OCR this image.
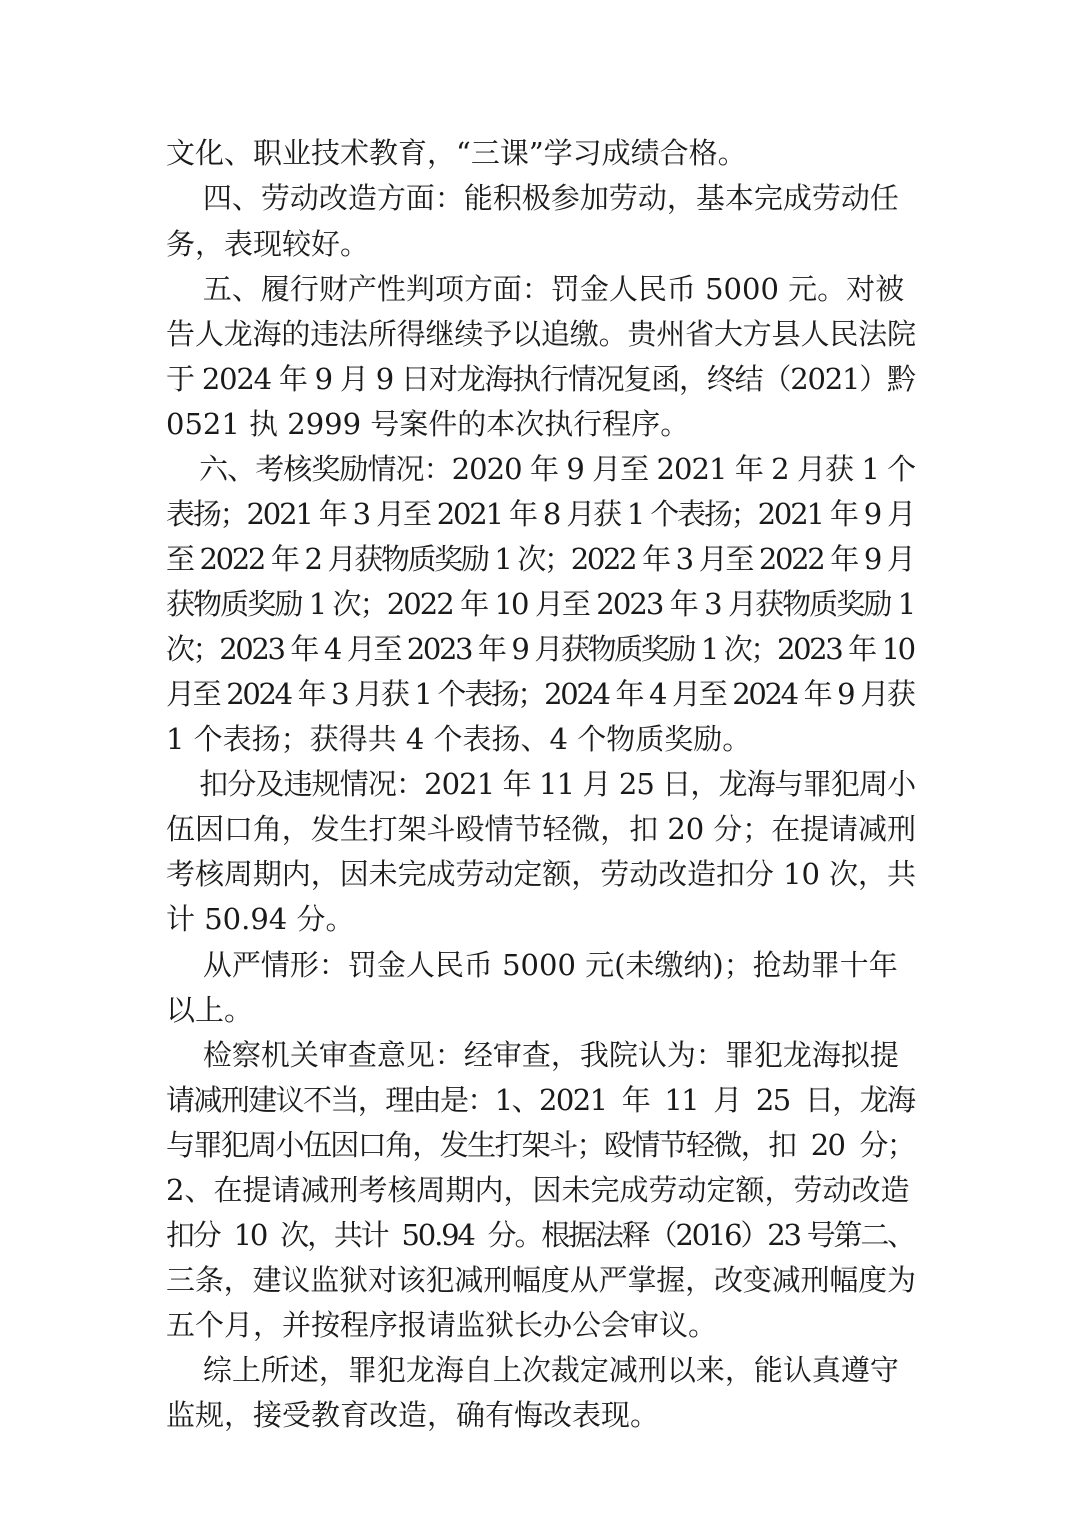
文化、职业技术教育，“三课”学习成绩合格。
四、劳动改造方面：能积极参加劳动，基本完成劳动任
务，表现较好。
五、履行财产性判项方面：罚金人民币 5000 元。对被
告人龙海的违法所得继续予以追缴。贵州省大方县人民法院
于 2024 年 9 月 9 日对龙海执行情况复函，终结（2021）黔
0521 执 2999 号案件的本次执行程序。
六、考核奖励情况：2020 年 9 月至 2021 年 2 月获 1 个
表扬；2021 年 3 月至 2021 年 8 月获 1 个表扬；2021 年 9 月
至 2022 年 2 月获物质奖励 1 次；2022 年 3 月至 2022 年 9 月
获物质奖励 1 次；2022 年 10 月至 2023 年 3 月获物质奖励 1
次；2023 年 4 月至 2023 年 9 月获物质奖励 1 次；2023 年 10
月至 2024 年 3 月获 1 个表扬；2024 年 4 月至 2024 年 9 月获
1 个表扬；获得共 4 个表扬、4 个物质奖励。
扣分及违规情况：2021 年 11 月 25 日，龙海与罪犯周小
伍因口角，发生打架斗殴情节轻微，扣 20 分；在提请减刑
考核周期内，因未完成劳动定额，劳动改造扣分 10 次，共
计 50.94 分。
从严情形：罚金人民币 5000 元(未缴纳)；抢劫罪十年
以上。
检察机关审查意见：经审查，我院认为：罪犯龙海拟提
请减刑建议不当，理由是：1、2021  年  11  月  25  日，龙海
与罪犯周小伍因口角，发生打架斗；殴情节轻微，扣  20  分；
2、在提请减刑考核周期内，因未完成劳动定额，劳动改造
扣分  10  次，共计  50.94  分。根据法释（2016）23 号第二、
三条，建议监狱对该犯减刑幅度从严掌握，改变减刑幅度为
五个月，并按程序报请监狱长办公会审议。
综上所述，罪犯龙海自上次裁定减刑以来，能认真遵守
监规，接受教育改造，确有悔改表现。
